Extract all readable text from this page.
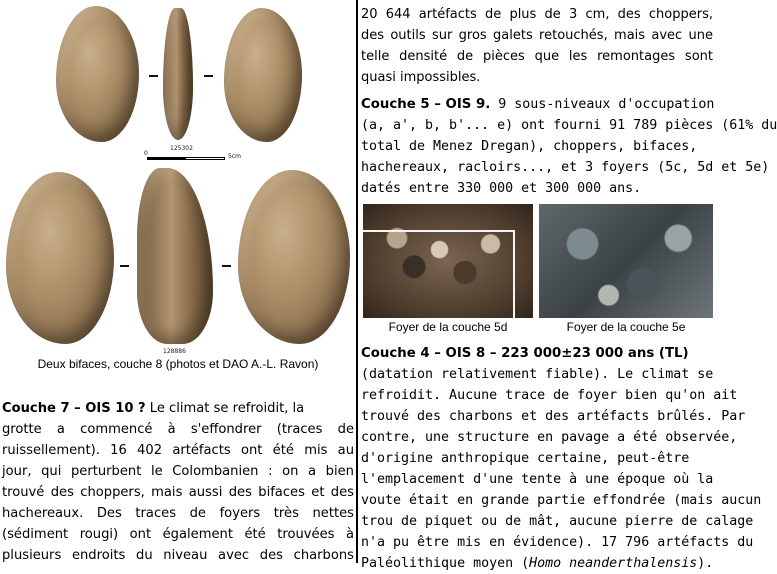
125302
0	5cm
128886
Deux bifaces, couche 8 (photos et DAO A.-L. Ravon)
Couche 7 – OIS 10 ? Le climat se refroidit, la
grotte a commencé à s'effondrer (traces de
ruissellement). 16 402 artéfacts ont été mis au
jour, qui perturbent le Colombanien : on a bien
trouvé des choppers, mais aussi des bifaces et des
hachereaux. Des traces de foyers très nettes
(sédiment rougi) ont également été trouvées à
plusieurs endroits du niveau avec des charbons
20 644 artéfacts de plus de 3 cm, des choppers,
des outils sur gros galets retouchés, mais avec une
telle densité de pièces que les remontages sont
quasi impossibles.
Couche 5 – OIS 9. 9 sous-niveaux d'occupation
(a, a', b, b'... e) ont fourni 91 789 pièces (61% du
total de Menez Dregan), choppers, bifaces,
hachereaux, racloirs..., et 3 foyers (5c, 5d et 5e)
datés entre 330 000 et 300 000 ans.
Foyer de la couche 5d	Foyer de la couche 5e
Couche 4 – OIS 8 – 223 000±23 000 ans (TL)
(datation relativement fiable). Le climat se
refroidit. Aucune trace de foyer bien qu'on ait
trouvé des charbons et des artéfacts brûlés. Par
contre, une structure en pavage a été observée,
d'origine anthropique certaine, peut-être
l'emplacement d'une tente à une époque où la
voute était en grande partie effondrée (mais aucun
trou de piquet ou de mât, aucune pierre de calage
n'a pu être mis en évidence). 17 796 artéfacts du
Paléolithique moyen (Homo neanderthalensis).
